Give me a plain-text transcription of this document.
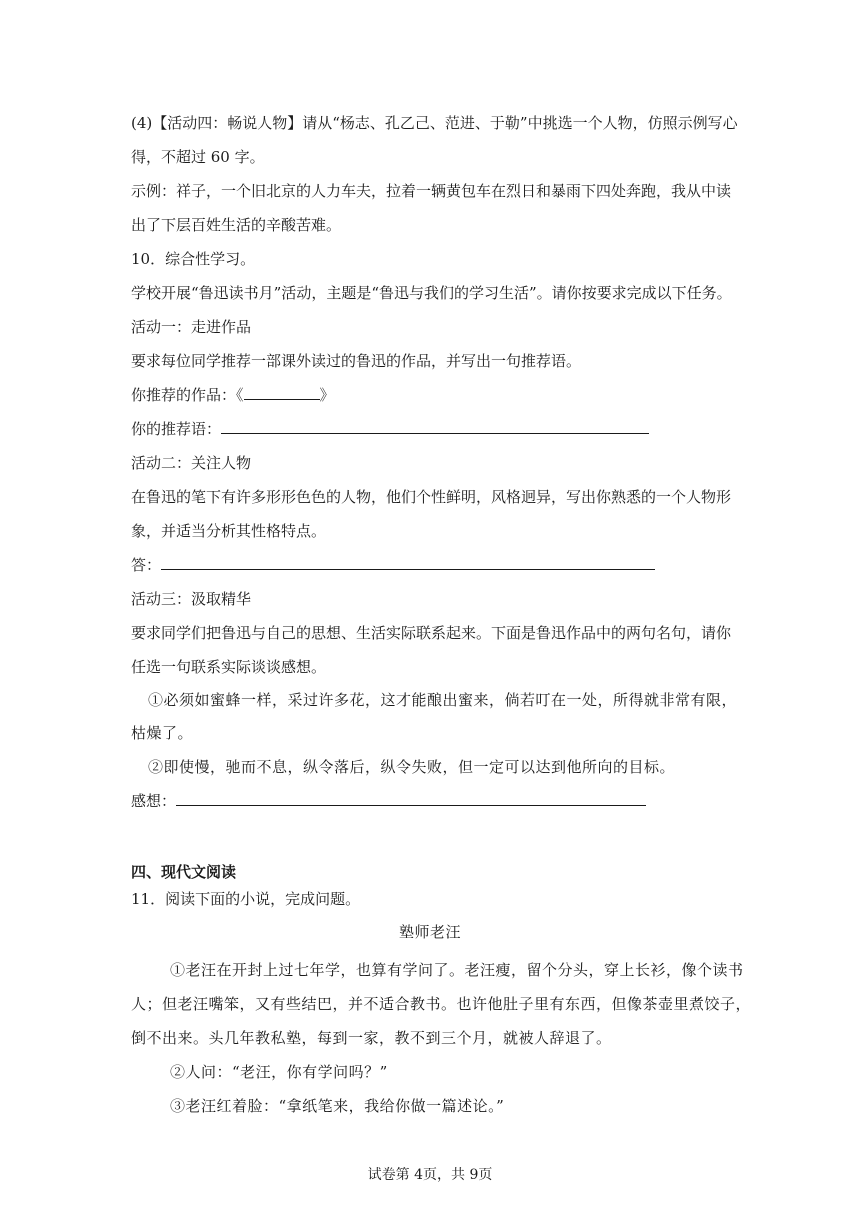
(4)【活动四：畅说人物】请从“杨志、孔乙己、范进、于勒”中挑选一个人物，仿照示例写心
得，不超过 60 字。
示例：祥子，一个旧北京的人力车夫，拉着一辆黄包车在烈日和暴雨下四处奔跑，我从中读
出了下层百姓生活的辛酸苦难。
10．综合性学习。
学校开展“鲁迅读书月”活动，主题是“鲁迅与我们的学习生活”。请你按要求完成以下任务。
活动一：走进作品
要求每位同学推荐一部课外读过的鲁迅的作品，并写出一句推荐语。
你推荐的作品：《	》
你的推荐语：
活动二：关注人物
在鲁迅的笔下有许多形形色色的人物，他们个性鲜明，风格迥异，写出你熟悉的一个人物形
象，并适当分析其性格特点。
答：
活动三：汲取精华
要求同学们把鲁迅与自己的思想、生活实际联系起来。下面是鲁迅作品中的两句名句，请你
任选一句联系实际谈谈感想。
①必须如蜜蜂一样，采过许多花，这才能酿出蜜来，倘若叮在一处，所得就非常有限，
枯燥了。
②即使慢，驰而不息，纵令落后，纵令失败，但一定可以达到他所向的目标。
感想：
四、现代文阅读
11．阅读下面的小说，完成问题。
塾师老汪
①老汪在开封上过七年学，也算有学问了。老汪瘦，留个分头，穿上长衫，像个读书
人；但老汪嘴笨，又有些结巴，并不适合教书。也许他肚子里有东西，但像茶壶里煮饺子，
倒不出来。头几年教私塾，每到一家，教不到三个月，就被人辞退了。
②人问：“老汪，你有学问吗？”
③老汪红着脸：“拿纸笔来，我给你做一篇述论。”
试卷第 4页，共 9页
